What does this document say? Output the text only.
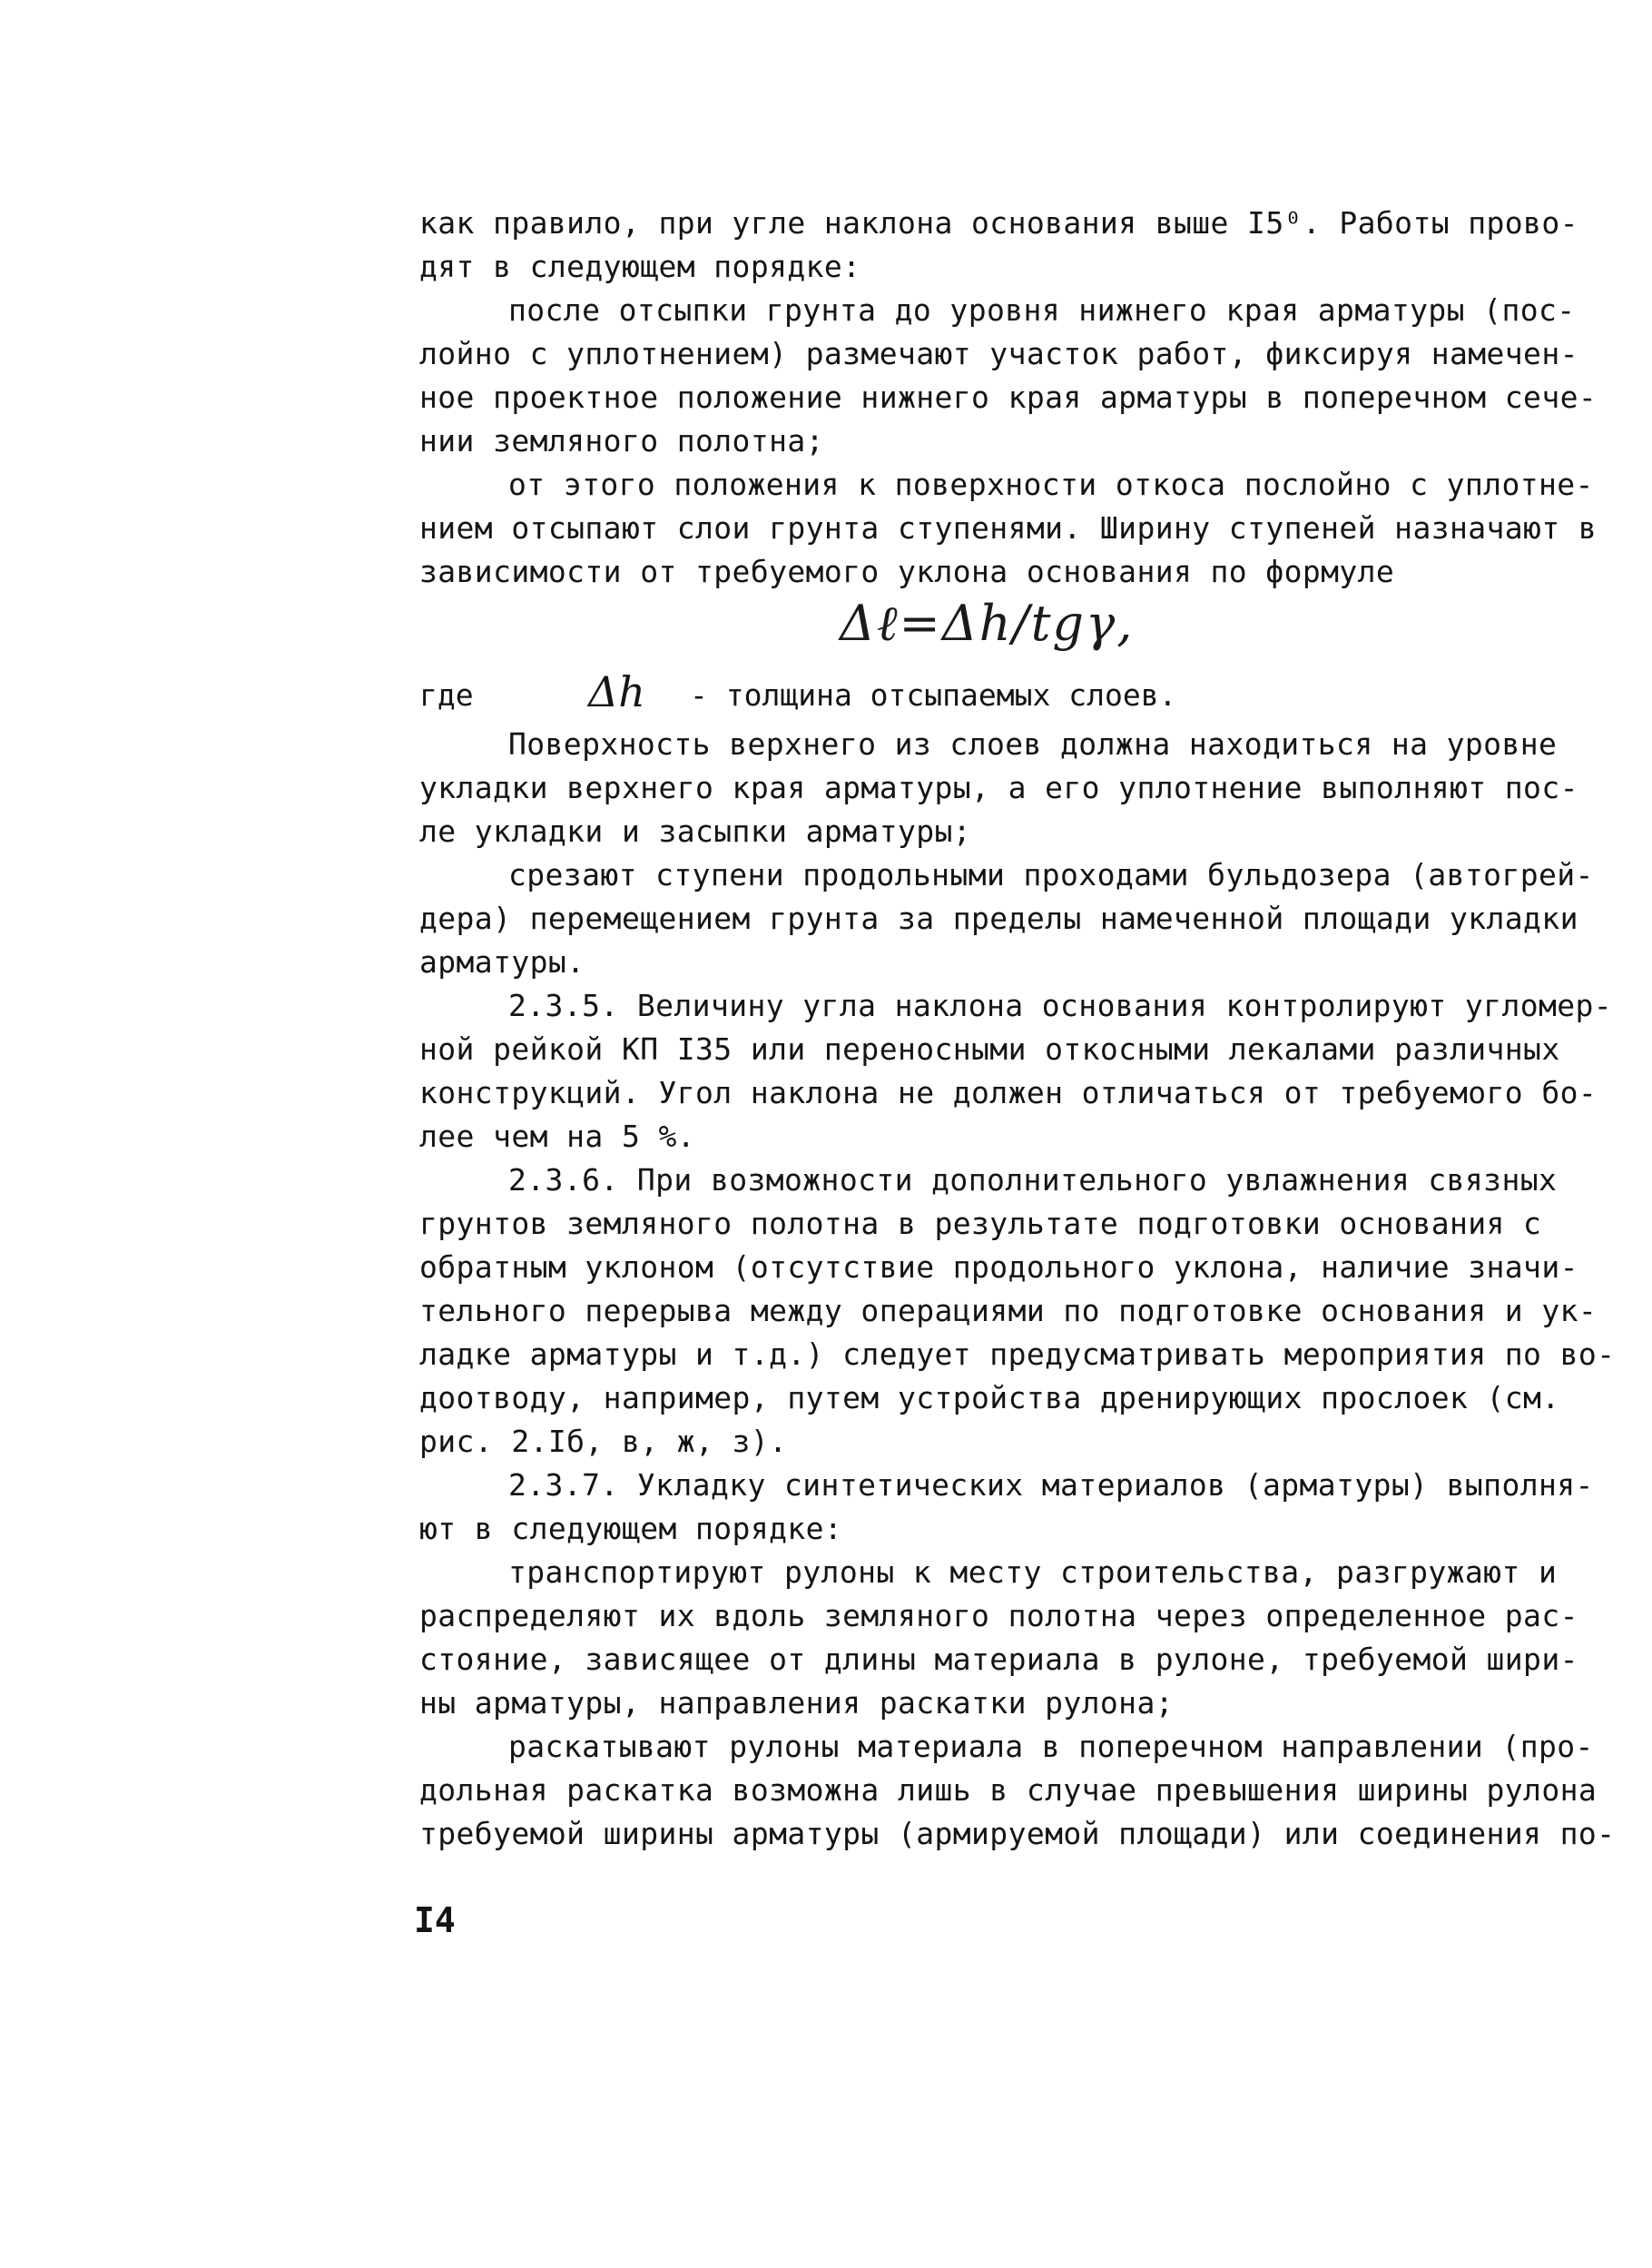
как правило, при угле наклона основания выше I5⁰. Работы прово-
дят в следующем порядке:
после отсыпки грунта до уровня нижнего края арматуры (пос-
лойно с уплотнением) размечают участок работ, фиксируя намечен-
ное проектное положение нижнего края арматуры в поперечном сече-
нии земляного полотна;
от этого положения к поверхности откоса послойно с уплотне-
нием отсыпают слои грунта ступенями. Ширину ступеней назначают в
зависимости от требуемого уклона основания по формуле
Δℓ=Δh/tgγ,
где	Δh - толщина отсыпаемых слоев.
Поверхность верхнего из слоев должна находиться на уровне
укладки верхнего края арматуры, а его уплотнение выполняют пос-
ле укладки и засыпки арматуры;
срезают ступени продольными проходами бульдозера (автогрей-
дера) перемещением грунта за пределы намеченной площади укладки
арматуры.
2.3.5. Величину угла наклона основания контролируют угломер-
ной рейкой КП I35 или переносными откосными лекалами различных
конструкций. Угол наклона не должен отличаться от требуемого бо-
лее чем на 5 %.
2.3.6. При возможности дополнительного увлажнения связных
грунтов земляного полотна в результате подготовки основания с
обратным уклоном (отсутствие продольного уклона, наличие значи-
тельного перерыва между операциями по подготовке основания и ук-
ладке арматуры и т.д.) следует предусматривать мероприятия по во-
доотводу, например, путем устройства дренирующих прослоек (см.
рис. 2.Iб, в, ж, з).
2.3.7. Укладку синтетических материалов (арматуры) выполня-
ют в следующем порядке:
транспортируют рулоны к месту строительства, разгружают и
распределяют их вдоль земляного полотна через определенное рас-
стояние, зависящее от длины материала в рулоне, требуемой шири-
ны арматуры, направления раскатки рулона;
раскатывают рулоны материала в поперечном направлении (про-
дольная раскатка возможна лишь в случае превышения ширины рулона
требуемой ширины арматуры (армируемой площади) или соединения по-
I4
